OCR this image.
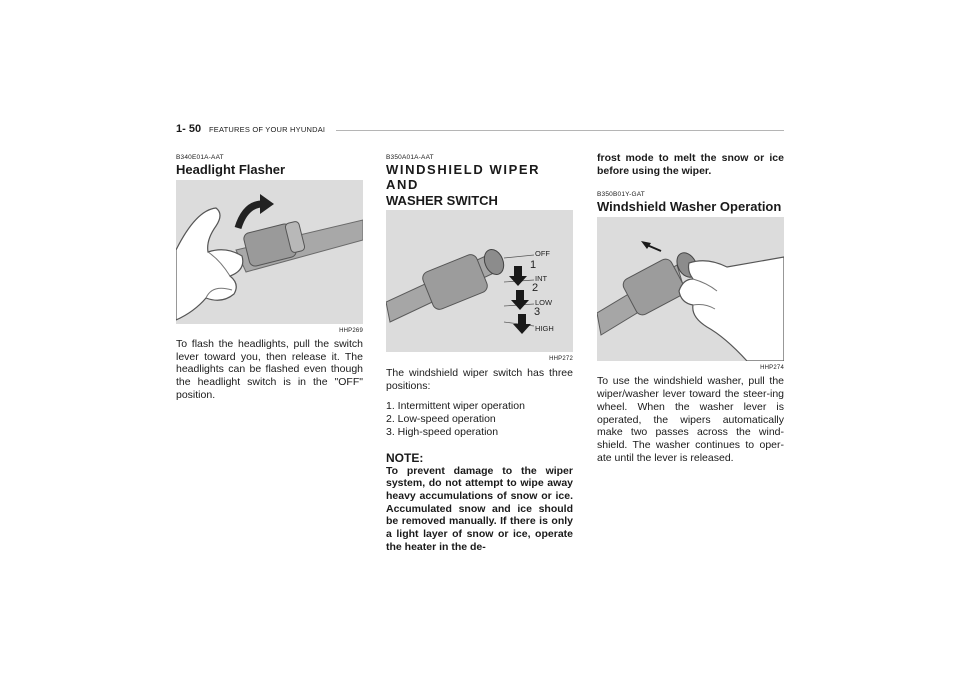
1- 50 FEATURES OF YOUR HYUNDAI
B340E01A-AAT
Headlight Flasher
HHP269
To flash the headlights, pull the switch lever toward you, then release it. The headlights can be flashed even though the headlight switch is in the "OFF" position.
B350A01A-AAT
WINDSHIELD WIPER AND
WASHER SWITCH
OFF
INT
LOW
HIGH
1
2
3
HHP272
The windshield wiper switch has three positions:
1. Intermittent wiper operation
2. Low-speed operation
3. High-speed operation
NOTE:
To prevent damage to the wiper system, do not attempt to wipe away heavy accumulations of snow or ice. Accumulated snow and ice should be removed manually. If there is only a light layer of snow or ice, operate the heater in the de-
frost mode to melt the snow or ice before using the wiper.
B350B01Y-GAT
Windshield Washer Operation
HHP274
To use the windshield washer, pull the wiper/washer lever toward the steer-ing wheel. When the washer lever is operated, the wipers automatically make two passes across the wind-shield. The washer continues to oper-ate until the lever is released.
